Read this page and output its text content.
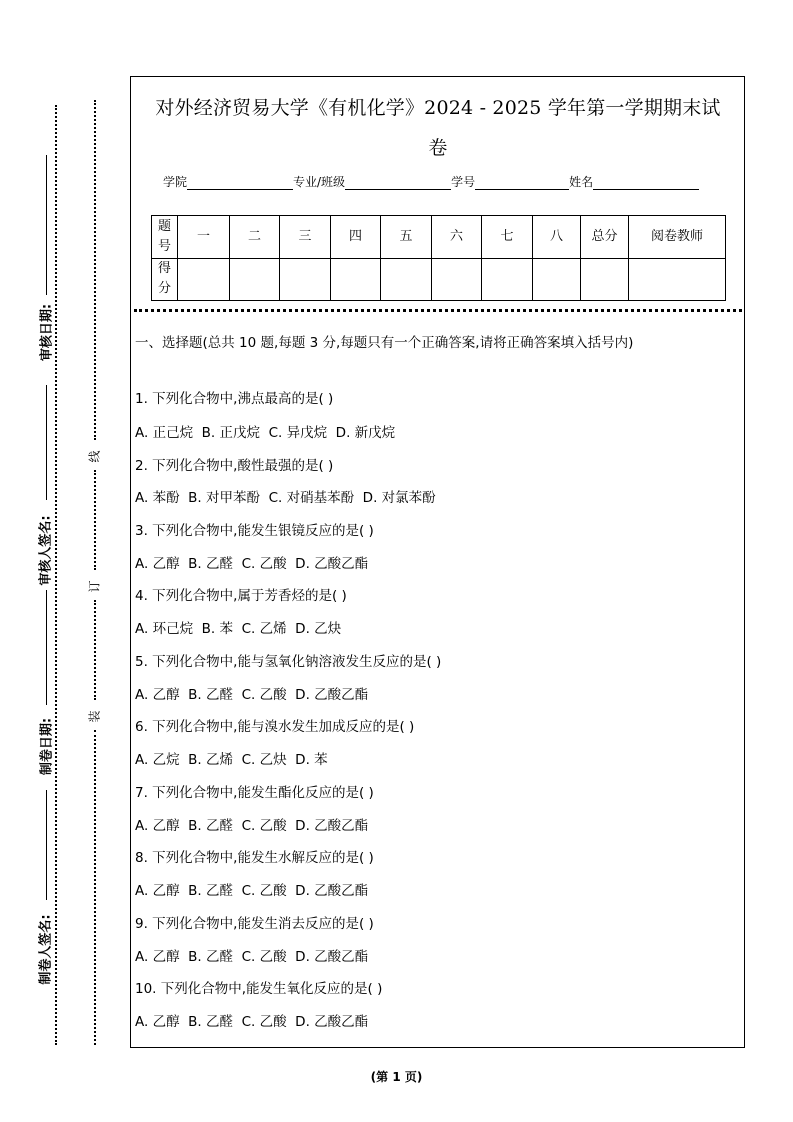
审核日期:
审核人签名:
制卷日期:
制卷人签名:
线
订
装
对外经济贸易大学《有机化学》2024 - 2025 学年第一学期期末试
卷
学院	专业/班级	学号	姓名
题号	一	二	三	四	五	六	七	八	总分	阅卷教师
得分										
一、选择题(总共 10 题,每题 3 分,每题只有一个正确答案,请将正确答案填入括号内)
1. 下列化合物中,沸点最高的是( )
A. 正己烷  B. 正戊烷  C. 异戊烷  D. 新戊烷
2. 下列化合物中,酸性最强的是( )
A. 苯酚  B. 对甲苯酚  C. 对硝基苯酚  D. 对氯苯酚
3. 下列化合物中,能发生银镜反应的是( )
A. 乙醇  B. 乙醛  C. 乙酸  D. 乙酸乙酯
4. 下列化合物中,属于芳香烃的是( )
A. 环己烷  B. 苯  C. 乙烯  D. 乙炔
5. 下列化合物中,能与氢氧化钠溶液发生反应的是( )
A. 乙醇  B. 乙醛  C. 乙酸  D. 乙酸乙酯
6. 下列化合物中,能与溴水发生加成反应的是( )
A. 乙烷  B. 乙烯  C. 乙炔  D. 苯
7. 下列化合物中,能发生酯化反应的是( )
A. 乙醇  B. 乙醛  C. 乙酸  D. 乙酸乙酯
8. 下列化合物中,能发生水解反应的是( )
A. 乙醇  B. 乙醛  C. 乙酸  D. 乙酸乙酯
9. 下列化合物中,能发生消去反应的是( )
A. 乙醇  B. 乙醛  C. 乙酸  D. 乙酸乙酯
10. 下列化合物中,能发生氧化反应的是( )
A. 乙醇  B. 乙醛  C. 乙酸  D. 乙酸乙酯
(第 1 页)
